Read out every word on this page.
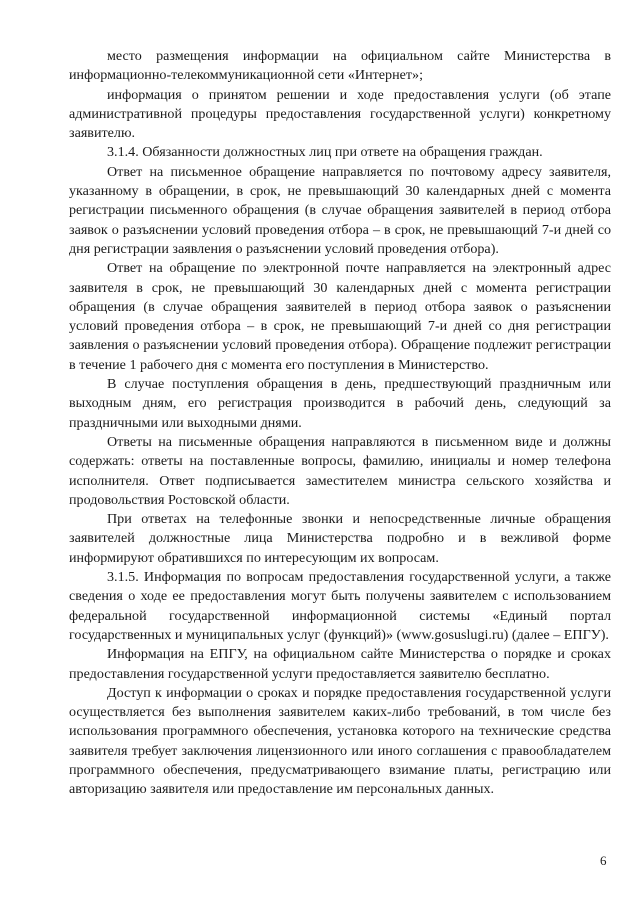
место размещения информации на официальном сайте Министерства в информационно-телекоммуникационной сети «Интернет»;

информация о принятом решении и ходе предоставления услуги (об этапе административной процедуры предоставления государственной услуги) конкретному заявителю.

3.1.4. Обязанности должностных лиц при ответе на обращения граждан.

Ответ на письменное обращение направляется по почтовому адресу заявителя, указанному в обращении, в срок, не превышающий 30 календарных дней с момента регистрации письменного обращения (в случае обращения заявителей в период отбора заявок о разъяснении условий проведения отбора – в срок, не превышающий 7-и дней со дня регистрации заявления о разъяснении условий проведения отбора).

Ответ на обращение по электронной почте направляется на электронный адрес заявителя в срок, не превышающий 30 календарных дней с момента регистрации обращения (в случае обращения заявителей в период отбора заявок о разъяснении условий проведения отбора – в срок, не превышающий 7-и дней со дня регистрации заявления о разъяснении условий проведения отбора). Обращение подлежит регистрации в течение 1 рабочего дня с момента его поступления в Министерство.

В случае поступления обращения в день, предшествующий праздничным или выходным дням, его регистрация производится в рабочий день, следующий за праздничными или выходными днями.

Ответы на письменные обращения направляются в письменном виде и должны содержать: ответы на поставленные вопросы, фамилию, инициалы и номер телефона исполнителя. Ответ подписывается заместителем министра сельского хозяйства и продовольствия Ростовской области.

При ответах на телефонные звонки и непосредственные личные обращения заявителей должностные лица Министерства подробно и в вежливой форме информируют обратившихся по интересующим их вопросам.

3.1.5. Информация по вопросам предоставления государственной услуги, а также сведения о ходе ее предоставления могут быть получены заявителем с использованием федеральной государственной информационной системы «Единый портал государственных и муниципальных услуг (функций)» (www.gosuslugi.ru) (далее – ЕПГУ).

Информация на ЕПГУ, на официальном сайте Министерства о порядке и сроках предоставления государственной услуги предоставляется заявителю бесплатно.

Доступ к информации о сроках и порядке предоставления государственной услуги осуществляется без выполнения заявителем каких-либо требований, в том числе без использования программного обеспечения, установка которого на технические средства заявителя требует заключения лицензионного или иного соглашения с правообладателем программного обеспечения, предусматривающего взимание платы, регистрацию или авторизацию заявителя или предоставление им персональных данных.

6
